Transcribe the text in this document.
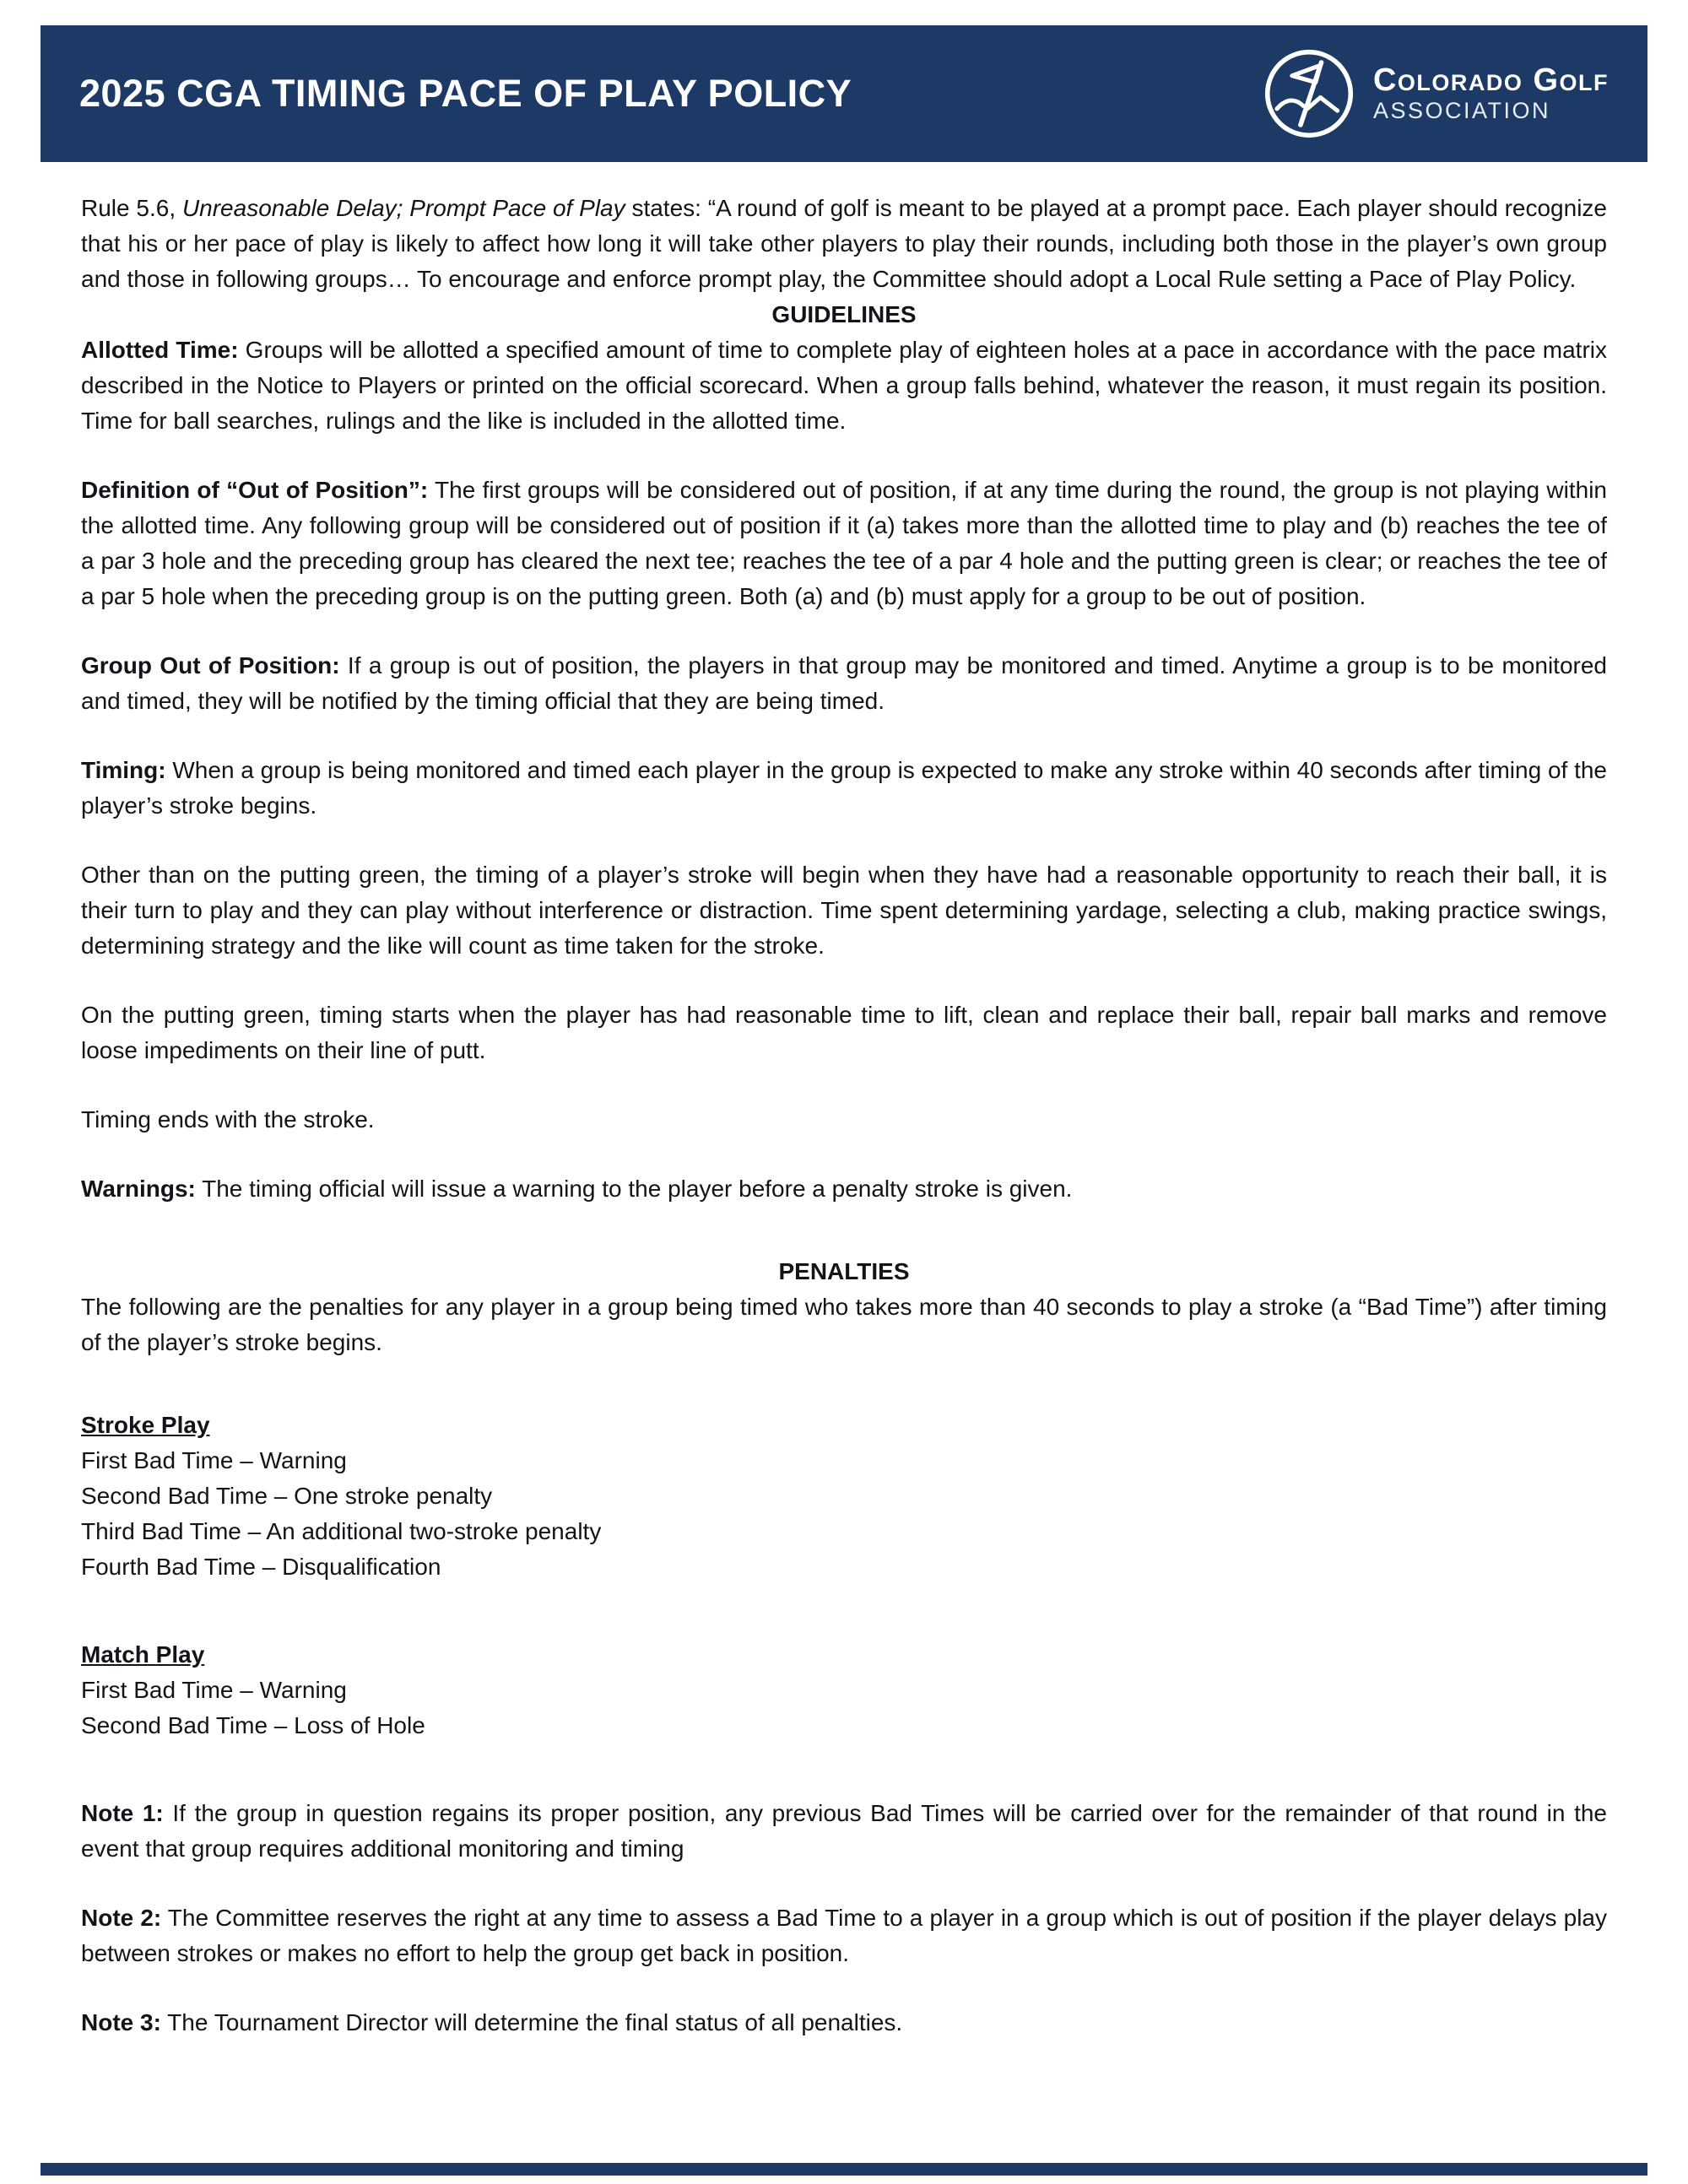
2025 CGA TIMING PACE OF PLAY POLICY	Colorado Golf
ASSOCIATION

Rule 5.6, Unreasonable Delay; Prompt Pace of Play states: “A round of golf is meant to be played at a prompt pace. Each player should recognize that his or her pace of play is likely to affect how long it will take other players to play their rounds, including both those in the player’s own group and those in following groups… To encourage and enforce prompt play, the Committee should adopt a Local Rule setting a Pace of Play Policy.

GUIDELINES

Allotted Time: Groups will be allotted a specified amount of time to complete play of eighteen holes at a pace in accordance with the pace matrix described in the Notice to Players or printed on the official scorecard. When a group falls behind, whatever the reason, it must regain its position. Time for ball searches, rulings and the like is included in the allotted time.

Definition of “Out of Position”: The first groups will be considered out of position, if at any time during the round, the group is not playing within the allotted time. Any following group will be considered out of position if it (a) takes more than the allotted time to play and (b) reaches the tee of a par 3 hole and the preceding group has cleared the next tee; reaches the tee of a par 4 hole and the putting green is clear; or reaches the tee of a par 5 hole when the preceding group is on the putting green. Both (a) and (b) must apply for a group to be out of position.

Group Out of Position: If a group is out of position, the players in that group may be monitored and timed. Anytime a group is to be monitored and timed, they will be notified by the timing official that they are being timed.

Timing: When a group is being monitored and timed each player in the group is expected to make any stroke within 40 seconds after timing of the player’s stroke begins.

Other than on the putting green, the timing of a player’s stroke will begin when they have had a reasonable opportunity to reach their ball, it is their turn to play and they can play without interference or distraction. Time spent determining yardage, selecting a club, making practice swings, determining strategy and the like will count as time taken for the stroke.

On the putting green, timing starts when the player has had reasonable time to lift, clean and replace their ball, repair ball marks and remove loose impediments on their line of putt.

Timing ends with the stroke.

Warnings: The timing official will issue a warning to the player before a penalty stroke is given.

PENALTIES

The following are the penalties for any player in a group being timed who takes more than 40 seconds to play a stroke (a “Bad Time”) after timing of the player’s stroke begins.

Stroke Play
First Bad Time – Warning
Second Bad Time – One stroke penalty
Third Bad Time – An additional two-stroke penalty
Fourth Bad Time – Disqualification
Match Play
First Bad Time – Warning
Second Bad Time – Loss of Hole

Note 1: If the group in question regains its proper position, any previous Bad Times will be carried over for the remainder of that round in the event that group requires additional monitoring and timing

Note 2: The Committee reserves the right at any time to assess a Bad Time to a player in a group which is out of position if the player delays play between strokes or makes no effort to help the group get back in position.

Note 3: The Tournament Director will determine the final status of all penalties.
